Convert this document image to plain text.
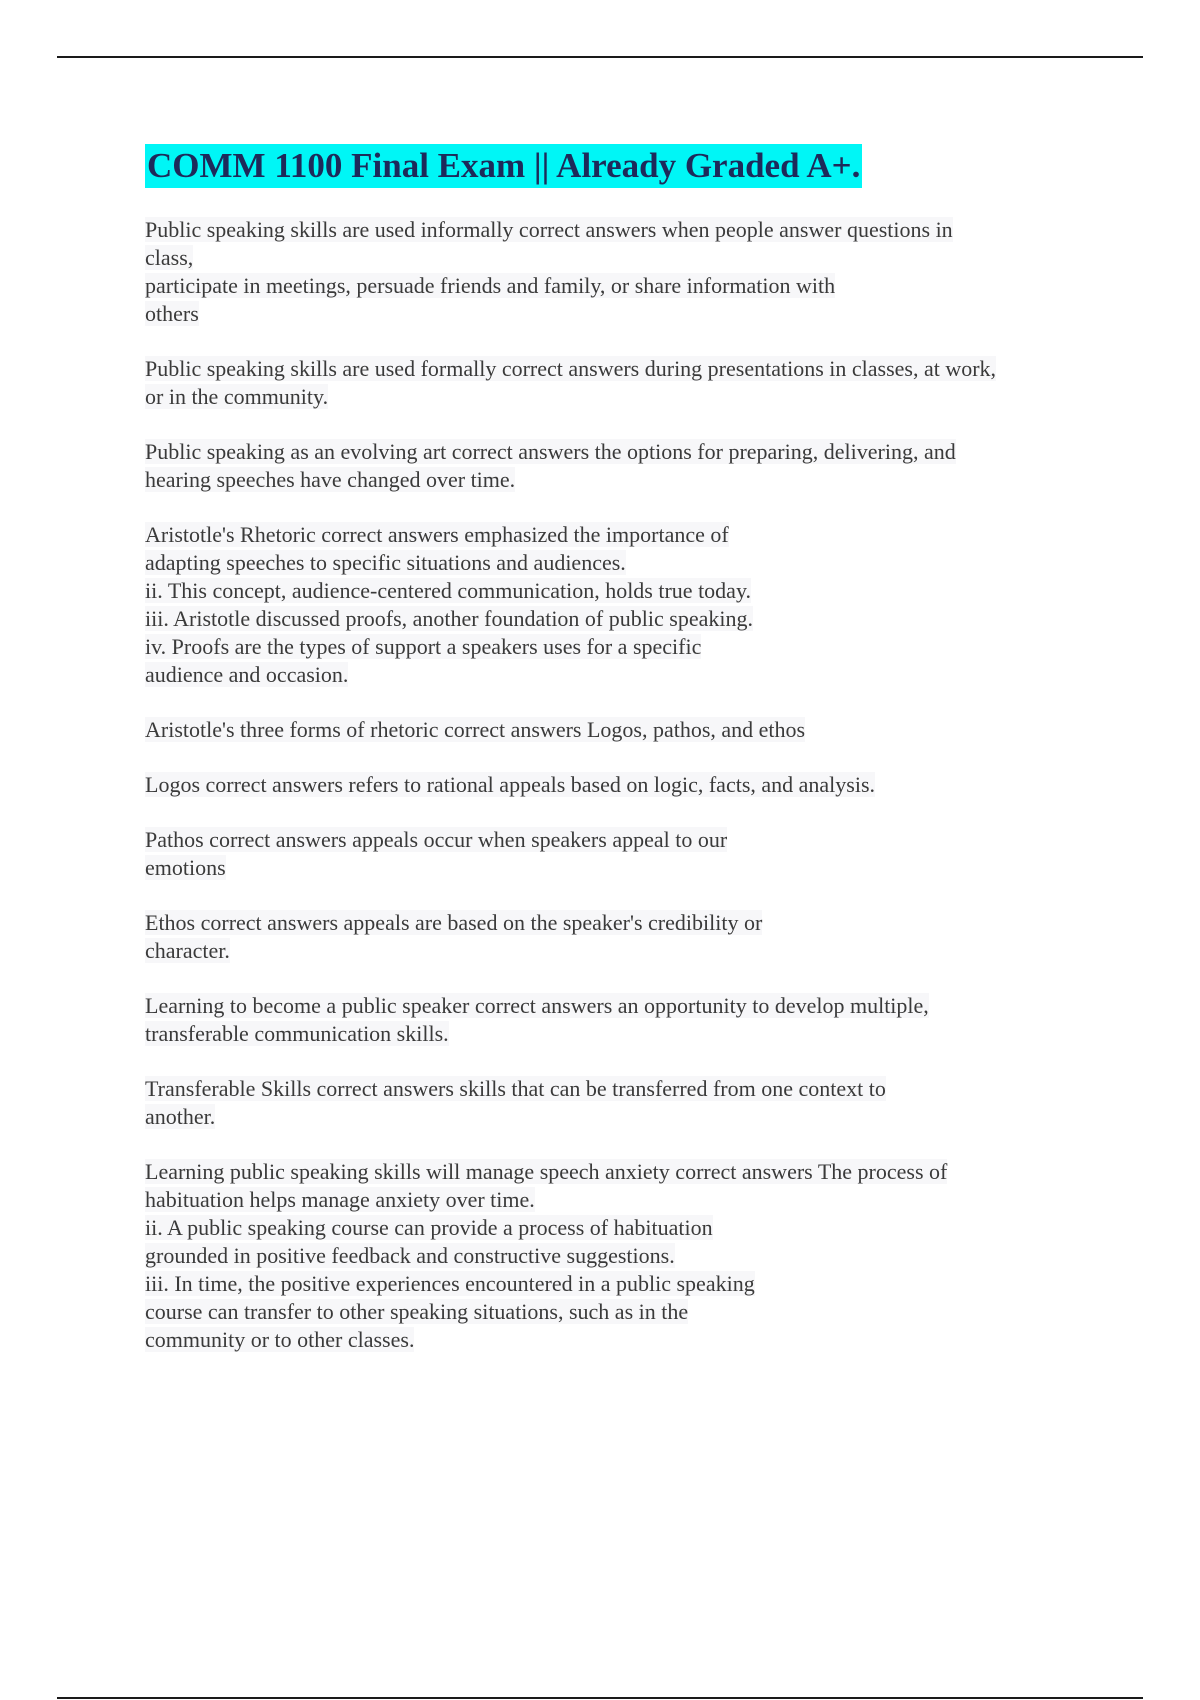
COMM 1100 Final Exam || Already Graded A+.
Public speaking skills are used informally correct answers when people answer questions in
class,
participate in meetings, persuade friends and family, or share information with
others
Public speaking skills are used formally correct answers during presentations in classes, at work,
or in the community.
Public speaking as an evolving art correct answers the options for preparing, delivering, and
hearing speeches have changed over time.
Aristotle's Rhetoric correct answers emphasized the importance of
adapting speeches to specific situations and audiences.
ii. This concept, audience-centered communication, holds true today.
iii. Aristotle discussed proofs, another foundation of public speaking.
iv. Proofs are the types of support a speakers uses for a specific
audience and occasion.
Aristotle's three forms of rhetoric correct answers Logos, pathos, and ethos
Logos correct answers refers to rational appeals based on logic, facts, and analysis.
Pathos correct answers appeals occur when speakers appeal to our
emotions
Ethos correct answers appeals are based on the speaker's credibility or
character.
Learning to become a public speaker correct answers an opportunity to develop multiple,
transferable communication skills.
Transferable Skills correct answers skills that can be transferred from one context to
another.
Learning public speaking skills will manage speech anxiety correct answers The process of
habituation helps manage anxiety over time.
ii. A public speaking course can provide a process of habituation
grounded in positive feedback and constructive suggestions.
iii. In time, the positive experiences encountered in a public speaking
course can transfer to other speaking situations, such as in the
community or to other classes.
